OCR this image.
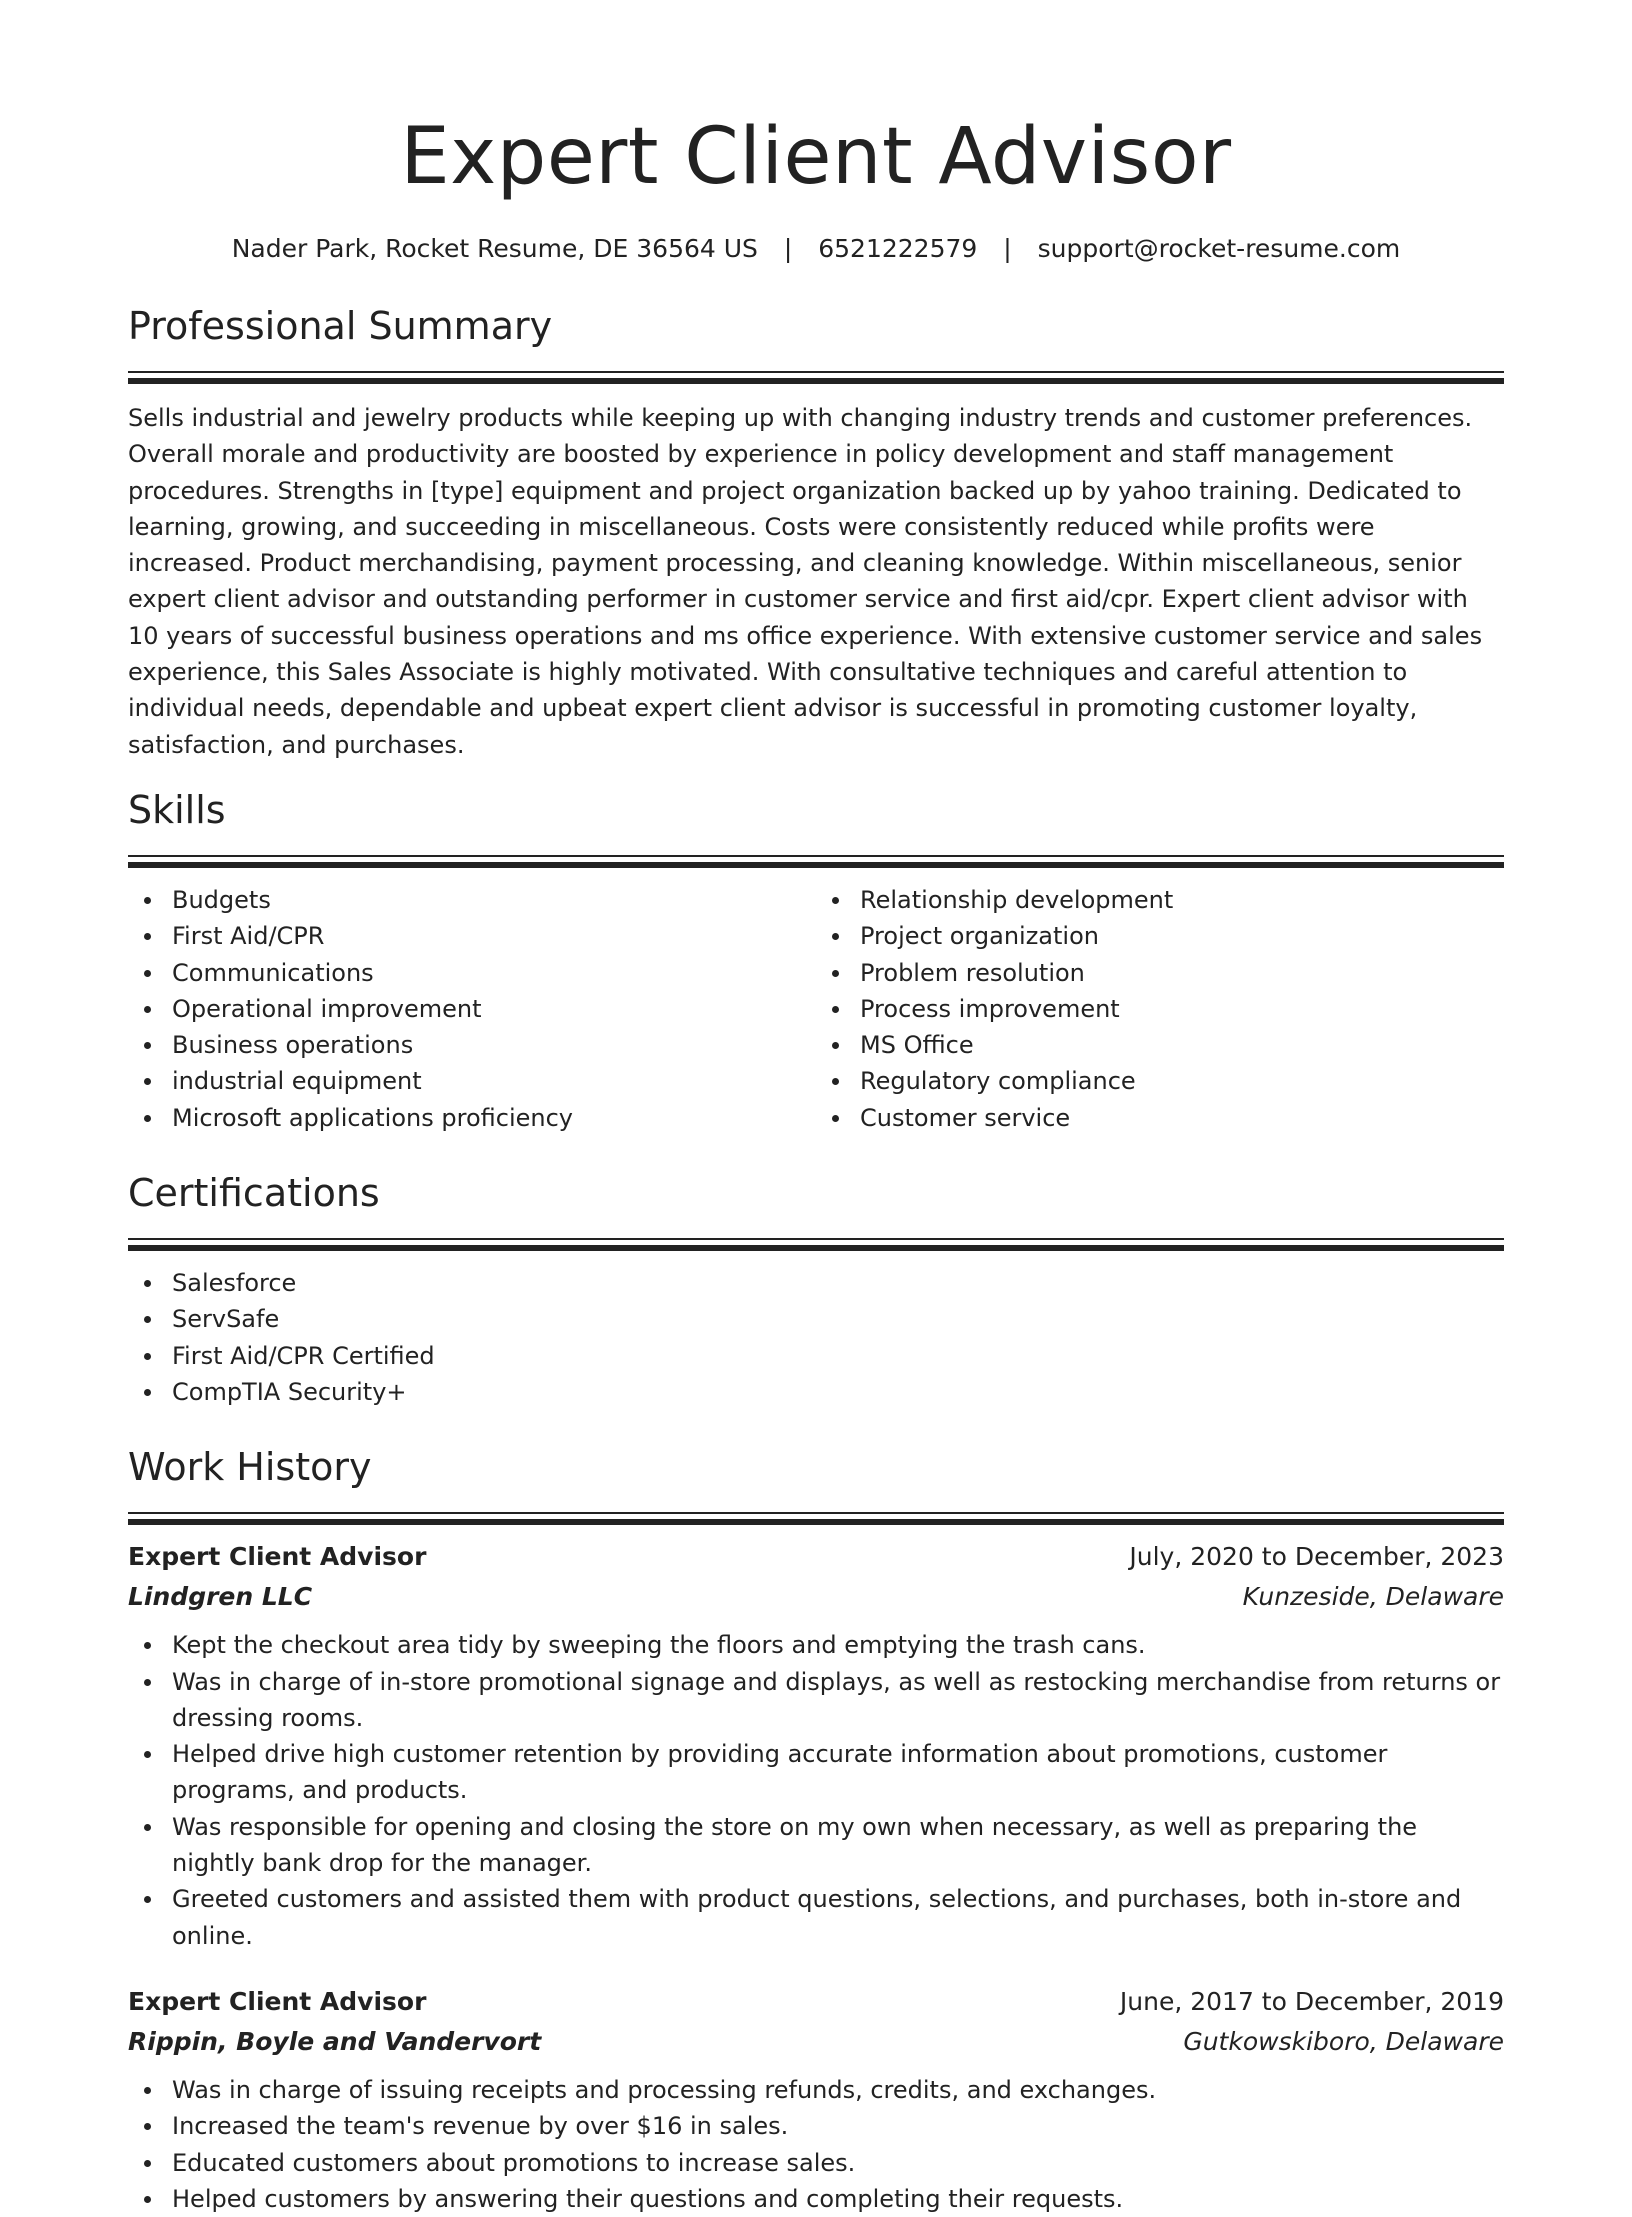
Expert Client Advisor
Nader Park, Rocket Resume, DE 36564 US | 6521222579 | support@rocket-resume.com
Professional Summary

Sells industrial and jewelry products while keeping up with changing industry trends and customer preferences. Overall morale and productivity are boosted by experience in policy development and staff management procedures. Strengths in [type] equipment and project organization backed up by yahoo training. Dedicated to learning, growing, and succeeding in miscellaneous. Costs were consistently reduced while profits were increased. Product merchandising, payment processing, and cleaning knowledge. Within miscellaneous, senior expert client advisor and outstanding performer in customer service and first aid/cpr. Expert client advisor with 10 years of successful business operations and ms office experience. With extensive customer service and sales experience, this Sales Associate is highly motivated. With consultative techniques and careful attention to individual needs, dependable and upbeat expert client advisor is successful in promoting customer loyalty, satisfaction, and purchases.

Skills
Budgets
First Aid/CPR
Communications
Operational improvement
Business operations
industrial equipment
Microsoft applications proficiency
Relationship development
Project organization
Problem resolution
Process improvement
MS Office
Regulatory compliance
Customer service
Certifications
Salesforce
ServSafe
First Aid/CPR Certified
CompTIA Security+
Work History
Expert Client Advisor	July, 2020 to December, 2023
Lindgren LLC	Kunzeside, Delaware
Kept the checkout area tidy by sweeping the floors and emptying the trash cans.
Was in charge of in-store promotional signage and displays, as well as restocking merchandise from returns or dressing rooms.
Helped drive high customer retention by providing accurate information about promotions, customer programs, and products.
Was responsible for opening and closing the store on my own when necessary, as well as preparing the nightly bank drop for the manager.
Greeted customers and assisted them with product questions, selections, and purchases, both in-store and online.
Expert Client Advisor	June, 2017 to December, 2019
Rippin, Boyle and Vandervort	Gutkowskiboro, Delaware
Was in charge of issuing receipts and processing refunds, credits, and exchanges.
Increased the team's revenue by over $16 in sales.
Educated customers about promotions to increase sales.
Helped customers by answering their questions and completing their requests.
